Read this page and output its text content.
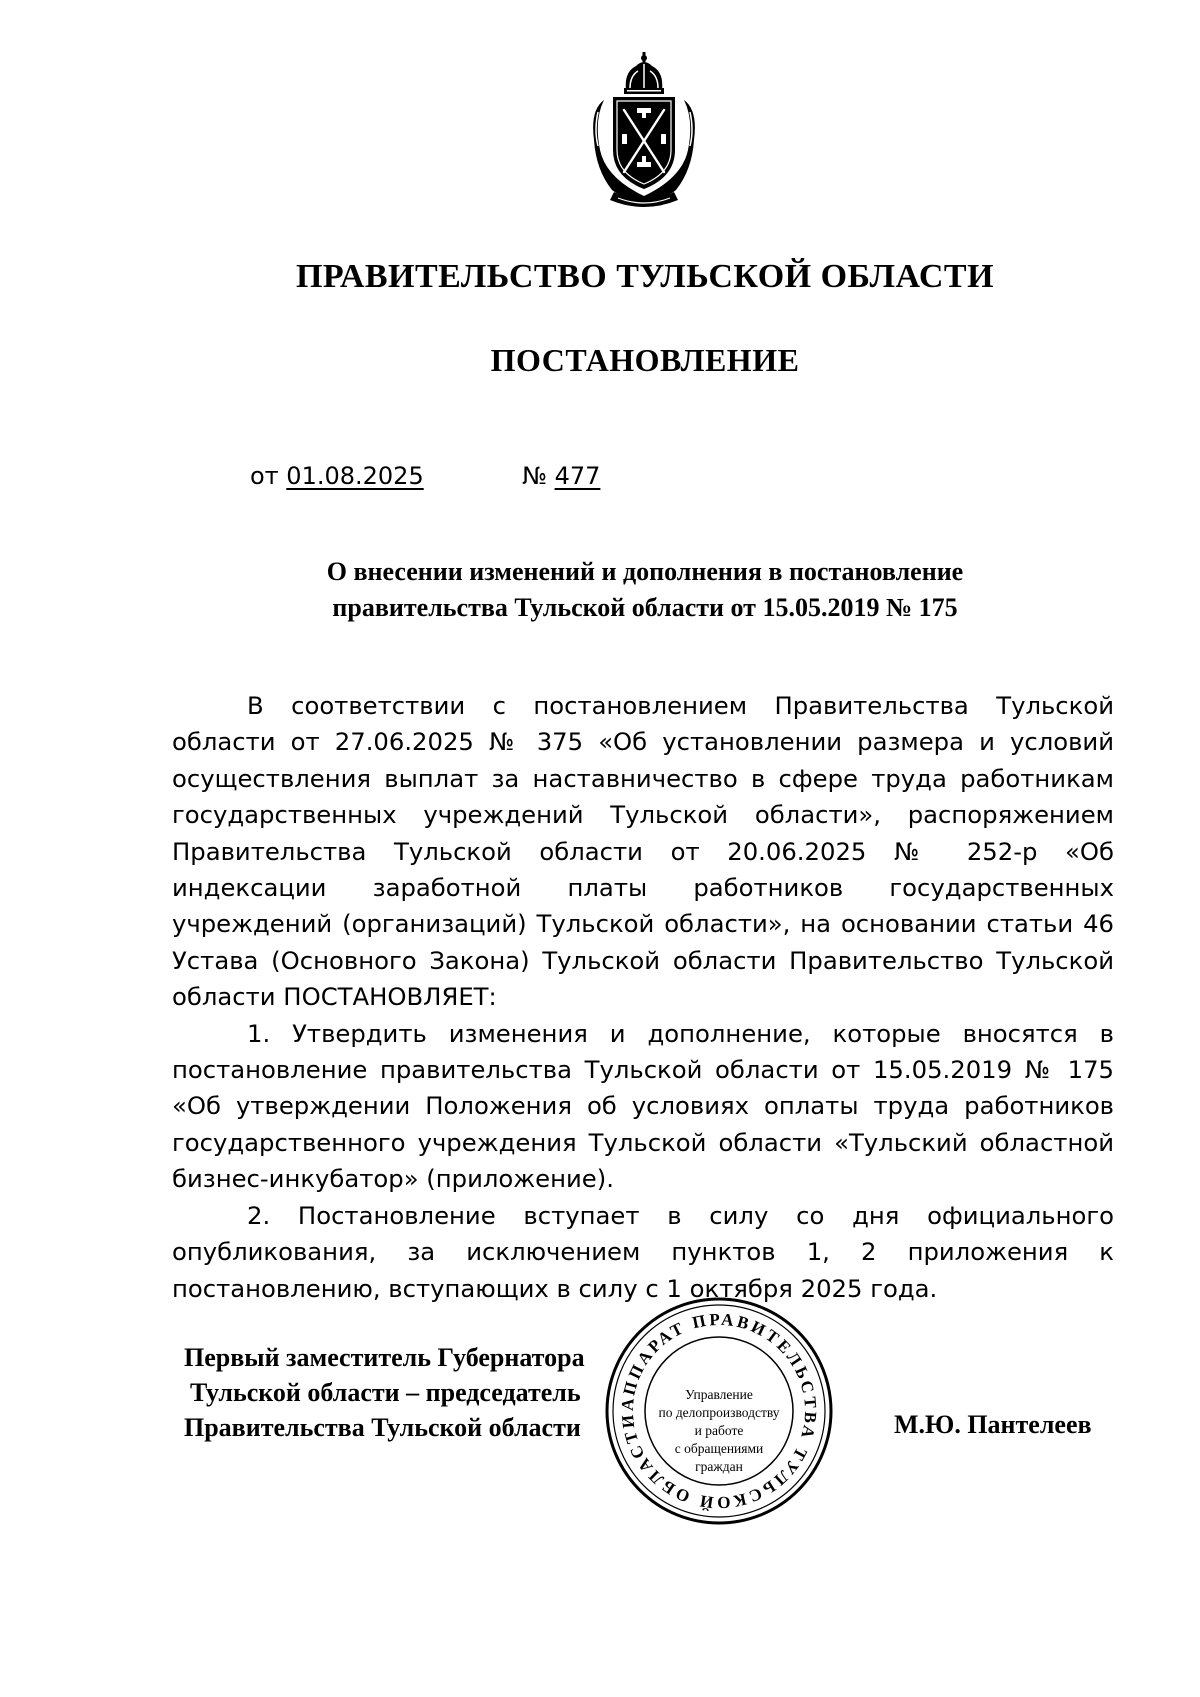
ПРАВИТЕЛЬСТВО ТУЛЬСКОЙ ОБЛАСТИ
ПОСТАНОВЛЕНИЕ
от 01.08.2025	№ 477
О внесении изменений и дополнения в постановление
правительства Тульской области от 15.05.2019 № 175

В соответствии с постановлением Правительства Тульской области от 27.06.2025 № 375 «Об установлении размера и условий осуществления выплат за наставничество в сфере труда работникам государственных учреждений Тульской области», распоряжением Правительства Тульской области от 20.06.2025 № 252-р «Об индексации заработной платы работников государственных учреждений (организаций) Тульской области», на основании статьи 46 Устава (Основного Закона) Тульской области Правительство Тульской области ПОСТАНОВЛЯЕТ:

1. Утвердить изменения и дополнение, которые вносятся в постановление правительства Тульской области от 15.05.2019 № 175 «Об утверждении Положения об условиях оплаты труда работников государственного учреждения Тульской области «Тульский областной бизнес-инкубатор» (приложение).

2. Постановление вступает в силу со дня официального опубликования, за исключением пунктов 1, 2 приложения к постановлению, вступающих в силу с 1 октября 2025 года.

Первый заместитель Губернатора
Тульской области – председатель
Правительства Тульской области
АППАРАТ ПРАВИТЕЛЬСТВА ТУЛЬСКОЙ ОБЛАСТИ
Управление
по делопроизводству
и работе
с обращениями
граждан
М.Ю. Пантелеев
